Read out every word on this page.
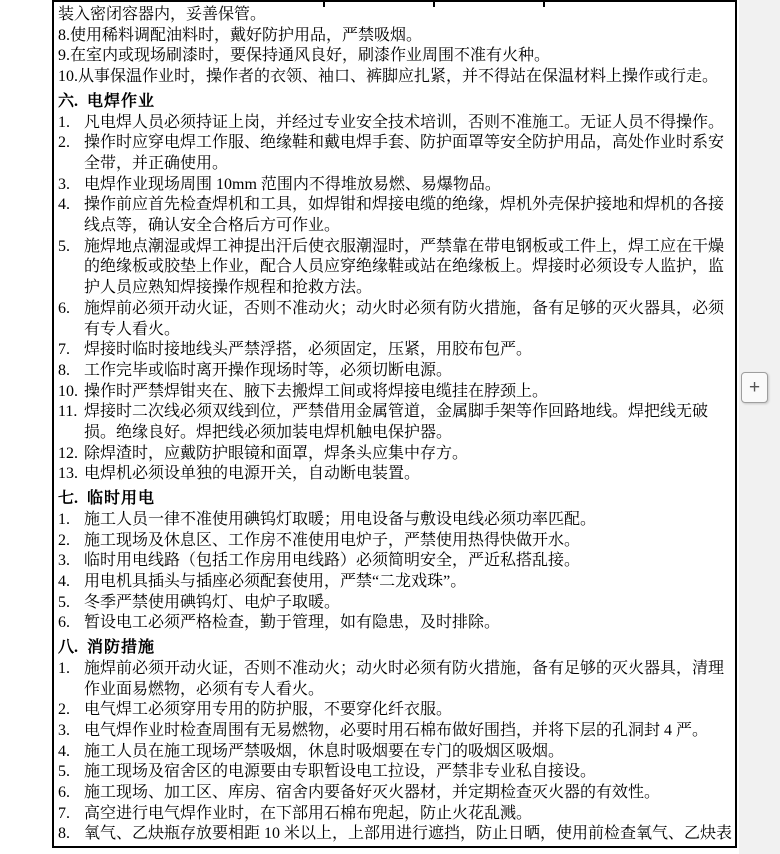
装入密闭容器内，妥善保管。
8.使用稀料调配油料时，戴好防护用品，严禁吸烟。
9.在室内或现场刷漆时，要保持通风良好，刷漆作业周围不准有火种。
10.从事保温作业时，操作者的衣领、袖口、裤脚应扎紧，并不得站在保温材料上操作或行走。
六. 电焊作业
1. 凡电焊人员必须持证上岗，并经过专业安全技术培训，否则不准施工。无证人员不得操作。
2. 操作时应穿电焊工作服、绝缘鞋和戴电焊手套、防护面罩等安全防护用品，高处作业时系安全带，并正确使用。
3. 电焊作业现场周围 10mm 范围内不得堆放易燃、易爆物品。
4. 操作前应首先检查焊机和工具，如焊钳和焊接电缆的绝缘，焊机外壳保护接地和焊机的各接线点等，确认安全合格后方可作业。
5. 施焊地点潮湿或焊工神提出汗后使衣服潮湿时，严禁靠在带电钢板或工件上，焊工应在干燥的绝缘板或胶垫上作业，配合人员应穿绝缘鞋或站在绝缘板上。焊接时必须设专人监护，监护人员应熟知焊接操作规程和抢救方法。
6. 施焊前必须开动火证，否则不准动火；动火时必须有防火措施，备有足够的灭火器具，必须有专人看火。
7. 焊接时临时接地线头严禁浮搭，必须固定，压紧，用胶布包严。
8. 工作完毕或临时离开操作现场时等，必须切断电源。
10. 操作时严禁焊钳夹在、腋下去搬焊工间或将焊接电缆挂在脖颈上。
11. 焊接时二次线必须双线到位，严禁借用金属管道，金属脚手架等作回路地线。焊把线无破损。绝缘良好。焊把线必须加装电焊机触电保护器。
12. 除焊渣时，应戴防护眼镜和面罩，焊条头应集中存方。
13. 电焊机必须设单独的电源开关，自动断电装置。
七. 临时用电
1. 施工人员一律不准使用碘钨灯取暖；用电设备与敷设电线必须功率匹配。
2. 施工现场及休息区、工作房不准使用电炉子，严禁使用热得快做开水。
3. 临时用电线路（包括工作房用电线路）必须简明安全，严近私搭乱接。
4. 用电机具插头与插座必须配套使用，严禁“二龙戏珠”。
5. 冬季严禁使用碘钨灯、电炉子取暖。
6. 暂设电工必须严格检查，勤于管理，如有隐患，及时排除。
八. 消防措施
1. 施焊前必须开动火证，否则不准动火；动火时必须有防火措施，备有足够的灭火器具，清理作业面易燃物，必须有专人看火。
2. 电气焊工必须穿用专用的防护服，不要穿化纤衣服。
3. 电气焊作业时检查周围有无易燃物，必要时用石棉布做好围挡，并将下层的孔洞封 4 严。
4. 施工人员在施工现场严禁吸烟，休息时吸烟要在专门的吸烟区吸烟。
5. 施工现场及宿舍区的电源要由专职暂设电工拉设，严禁非专业私自接设。
6. 施工现场、加工区、库房、宿舍内要备好灭火器材，并定期检查灭火器的有效性。
7. 高空进行电气焊作业时，在下部用石棉布兜起，防止火花乱溅。
8. 氧气、乙炔瓶存放要相距 10 米以上，上部用进行遮挡，防止日晒，使用前检查氧气、乙炔表
+
